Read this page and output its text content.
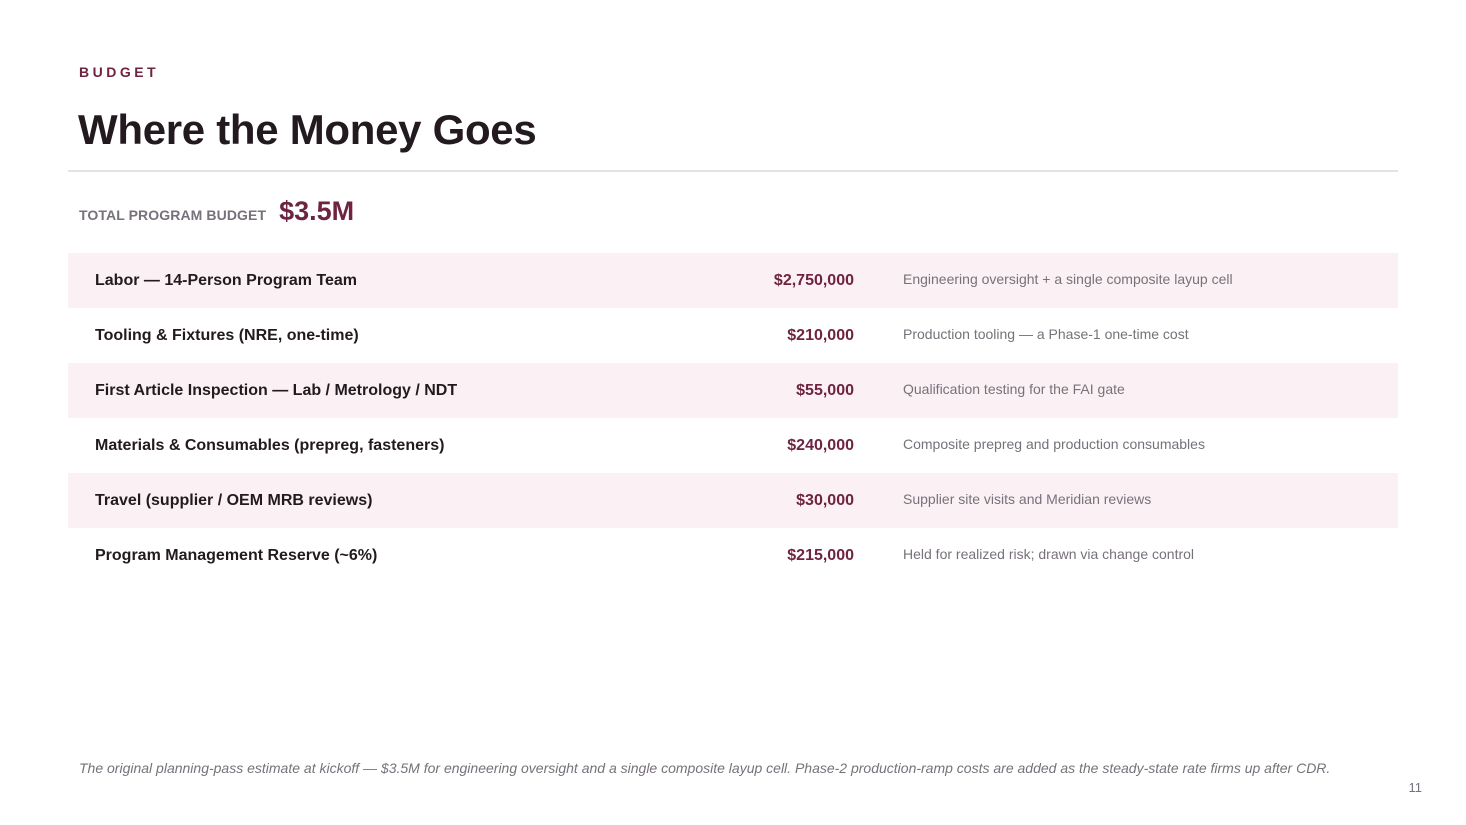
BUDGET
Where the Money Goes
TOTAL PROGRAM BUDGET $3.5M
Labor — 14-Person Program Team	$2,750,000	Engineering oversight + a single composite layup cell
Tooling & Fixtures (NRE, one-time)	$210,000	Production tooling — a Phase-1 one-time cost
First Article Inspection — Lab / Metrology / NDT	$55,000	Qualification testing for the FAI gate
Materials & Consumables (prepreg, fasteners)	$240,000	Composite prepreg and production consumables
Travel (supplier / OEM MRB reviews)	$30,000	Supplier site visits and Meridian reviews
Program Management Reserve (~6%)	$215,000	Held for realized risk; drawn via change control
The original planning-pass estimate at kickoff — $3.5M for engineering oversight and a single composite layup cell. Phase-2 production-ramp costs are added as the steady-state rate firms up after CDR.
11
